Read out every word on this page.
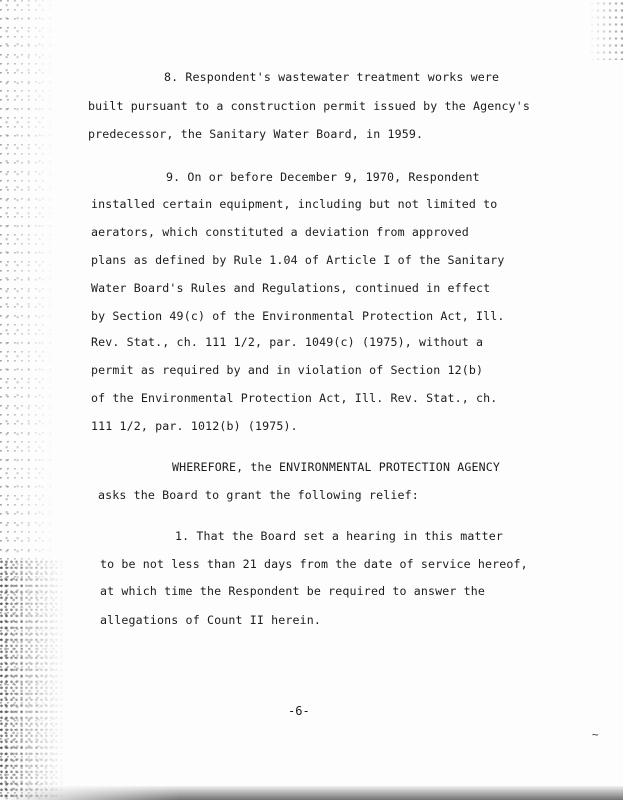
8. Respondent's wastewater treatment works were
built pursuant to a construction permit issued by the Agency's
predecessor, the Sanitary Water Board, in 1959.
9. On or before December 9, 1970, Respondent
installed certain equipment, including but not limited to
aerators, which constituted a deviation from approved
plans as defined by Rule 1.04 of Article I of the Sanitary
Water Board's Rules and Regulations, continued in effect
by Section 49(c) of the Environmental Protection Act, Ill.
Rev. Stat., ch. 111 1/2, par. 1049(c) (1975), without a
permit as required by and in violation of Section 12(b)
of the Environmental Protection Act, Ill. Rev. Stat., ch.
111 1/2, par. 1012(b) (1975).
WHEREFORE, the ENVIRONMENTAL PROTECTION AGENCY
asks the Board to grant the following relief:
1. That the Board set a hearing in this matter
to be not less than 21 days from the date of service hereof,
at which time the Respondent be required to answer the
allegations of Count II herein.
-6-
~
